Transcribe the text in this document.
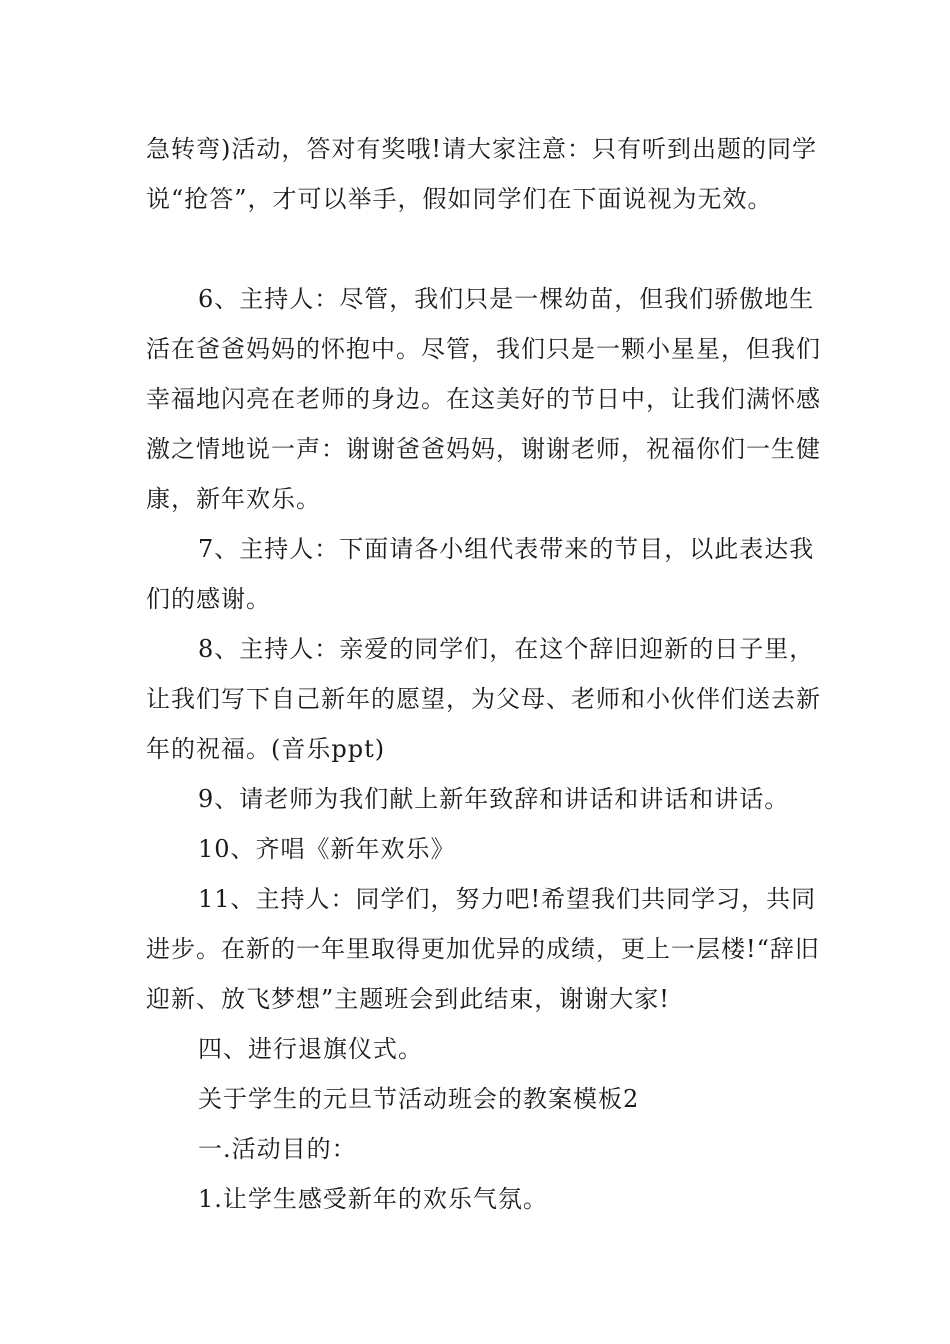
急转弯)活动，答对有奖哦!请大家注意：只有听到出题的同学说“抢答”，才可以举手，假如同学们在下面说视为无效。

6、主持人：尽管，我们只是一棵幼苗，但我们骄傲地生活在爸爸妈妈的怀抱中。尽管，我们只是一颗小星星，但我们幸福地闪亮在老师的身边。在这美好的节日中，让我们满怀感激之情地说一声：谢谢爸爸妈妈，谢谢老师，祝福你们一生健康，新年欢乐。

7、主持人：下面请各小组代表带来的节目，以此表达我们的感谢。

8、主持人：亲爱的同学们，在这个辞旧迎新的日子里，让我们写下自己新年的愿望，为父母、老师和小伙伴们送去新年的祝福。(音乐ppt)

9、请老师为我们献上新年致辞和讲话和讲话和讲话。

10、齐唱《新年欢乐》

11、主持人：同学们，努力吧!希望我们共同学习，共同进步。在新的一年里取得更加优异的成绩，更上一层楼!“辞旧迎新、放飞梦想”主题班会到此结束，谢谢大家!

四、进行退旗仪式。

关于学生的元旦节活动班会的教案模板2

一.活动目的：

1.让学生感受新年的欢乐气氛。
